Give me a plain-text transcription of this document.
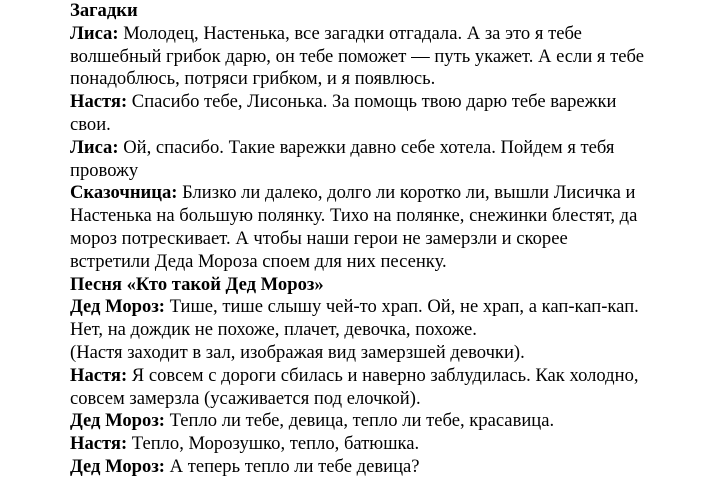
Загадки
Лиса: Молодец, Настенька, все загадки отгадала. А за это я тебе
волшебный грибок дарю, он тебе поможет — путь укажет. А если я тебе
понадоблюсь, потряси грибком, и я появлюсь.
Настя: Спасибо тебе, Лисонька. За помощь твою дарю тебе варежки
свои.
Лиса: Ой, спасибо. Такие варежки давно себе хотела. Пойдем я тебя
провожу
Сказочница: Близко ли далеко, долго ли коротко ли, вышли Лисичка и
Настенька на большую полянку. Тихо на полянке, снежинки блестят, да
мороз потрескивает. А чтобы наши герои не замерзли и скорее
встретили Деда Мороза споем для них песенку.
Песня «Кто такой Дед Мороз»
Дед Мороз: Тише, тише слышу чей-то храп. Ой, не храп, а кап-кап-кап.
Нет, на дождик не похоже, плачет, девочка, похоже.
(Настя заходит в зал, изображая вид замерзшей девочки).
Настя: Я совсем с дороги сбилась и наверно заблудилась. Как холодно,
совсем замерзла (усаживается под елочкой).
Дед Мороз: Тепло ли тебе, девица, тепло ли тебе, красавица.
Настя: Тепло, Морозушко, тепло, батюшка.
Дед Мороз: А теперь тепло ли тебе девица?
